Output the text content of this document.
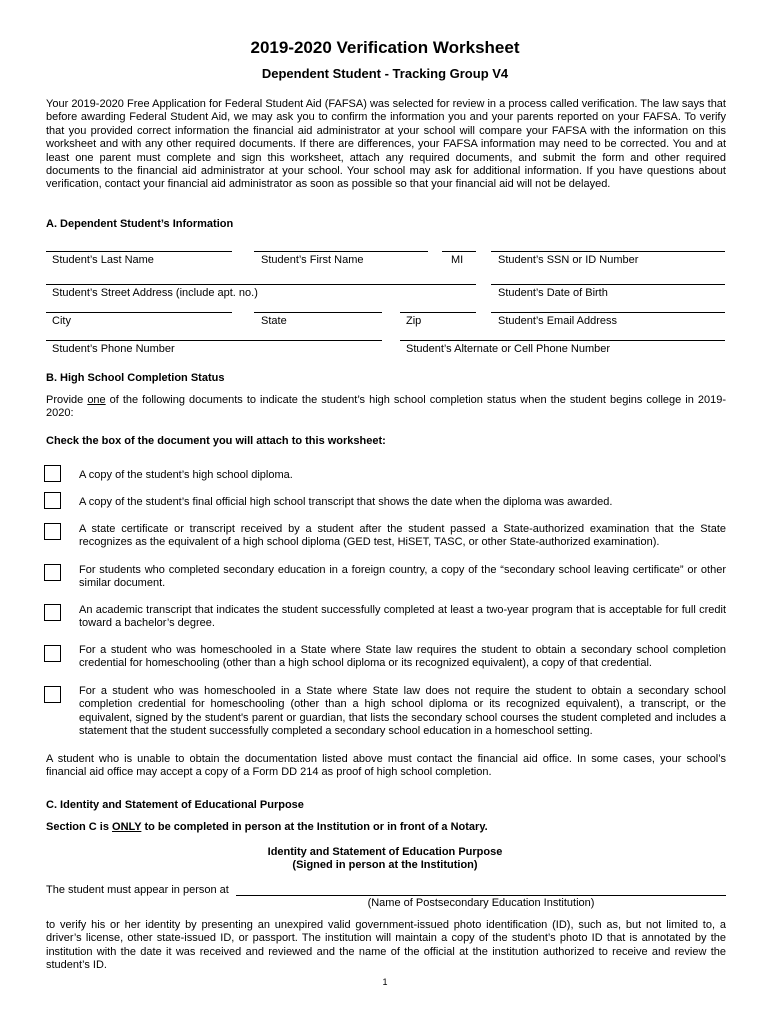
2019-2020 Verification Worksheet
Dependent Student - Tracking Group V4
Your 2019-2020 Free Application for Federal Student Aid (FAFSA) was selected for review in a process called verification. The law says that before awarding Federal Student Aid, we may ask you to confirm the information you and your parents reported on your FAFSA. To verify that you provided correct information the financial aid administrator at your school will compare your FAFSA with the information on this worksheet and with any other required documents. If there are differences, your FAFSA information may need to be corrected. You and at least one parent must complete and sign this worksheet, attach any required documents, and submit the form and other required documents to the financial aid administrator at your school. Your school may ask for additional information. If you have questions about verification, contact your financial aid administrator as soon as possible so that your financial aid will not be delayed.
A. Dependent Student’s Information
Student’s Last Name	Student’s First Name	MI	Student’s SSN or ID Number
Student’s Street Address (include apt. no.)	Student’s Date of Birth
City	State	Zip	Student’s Email Address
Student’s Phone Number	Student’s Alternate or Cell Phone Number
B. High School Completion Status
Provide one of the following documents to indicate the student’s high school completion status when the student begins college in 2019-2020:
Check the box of the document you will attach to this worksheet:
A copy of the student’s high school diploma.
A copy of the student’s final official high school transcript that shows the date when the diploma was awarded.
A state certificate or transcript received by a student after the student passed a State-authorized examination that the State recognizes as the equivalent of a high school diploma (GED test, HiSET, TASC, or other State-authorized examination).
For students who completed secondary education in a foreign country, a copy of the “secondary school leaving certificate” or other similar document.
An academic transcript that indicates the student successfully completed at least a two-year program that is acceptable for full credit toward a bachelor’s degree.
For a student who was homeschooled in a State where State law requires the student to obtain a secondary school completion credential for homeschooling (other than a high school diploma or its recognized equivalent), a copy of that credential.
For a student who was homeschooled in a State where State law does not require the student to obtain a secondary school completion credential for homeschooling (other than a high school diploma or its recognized equivalent), a transcript, or the equivalent, signed by the student's parent or guardian, that lists the secondary school courses the student completed and includes a statement that the student successfully completed a secondary school education in a homeschool setting.
A student who is unable to obtain the documentation listed above must contact the financial aid office. In some cases, your school’s financial aid office may accept a copy of a Form DD 214 as proof of high school completion.
C. Identity and Statement of Educational Purpose
Section C is ONLY to be completed in person at the Institution or in front of a Notary.
Identity and Statement of Education Purpose
(Signed in person at the Institution)
The student must appear in person at
(Name of Postsecondary Education Institution)
to verify his or her identity by presenting an unexpired valid government-issued photo identification (ID), such as, but not limited to, a driver’s license, other state-issued ID, or passport. The institution will maintain a copy of the student’s photo ID that is annotated by the institution with the date it was received and reviewed and the name of the official at the institution authorized to receive and review the student’s ID.
1
